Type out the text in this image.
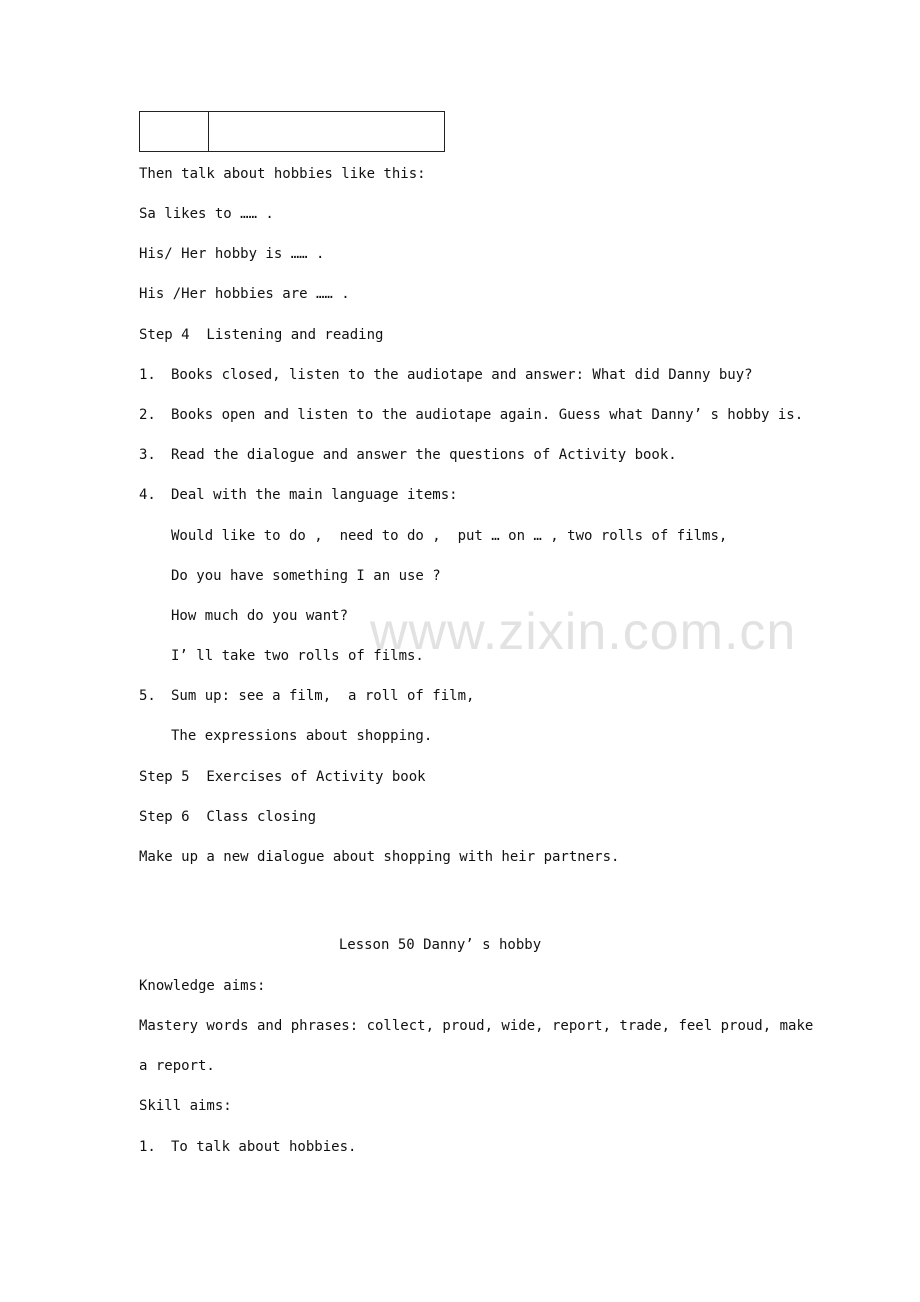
Then talk about hobbies like this:
Sa likes to …… .
His/ Her hobby is …… .
His /Her hobbies are …… .
Step 4  Listening and reading
1. Books closed, listen to the audiotape and answer: What did Danny buy?
2. Books open and listen to the audiotape again. Guess what Danny’ s hobby is.
3. Read the dialogue and answer the questions of Activity book.
4. Deal with the main language items:
Would like to do ,  need to do ,  put … on … , two rolls of films,
Do you have something I an use ?
How much do you want?
I’ ll take two rolls of films.
5. Sum up: see a film,  a roll of film,
The expressions about shopping.
Step 5  Exercises of Activity book
Step 6  Class closing
Make up a new dialogue about shopping with heir partners.
Lesson 50 Danny’ s hobby
Knowledge aims:
Mastery words and phrases: collect, proud, wide, report, trade, feel proud, make
a report.
Skill aims:
1. To talk about hobbies.
www.zixin.com.cn
